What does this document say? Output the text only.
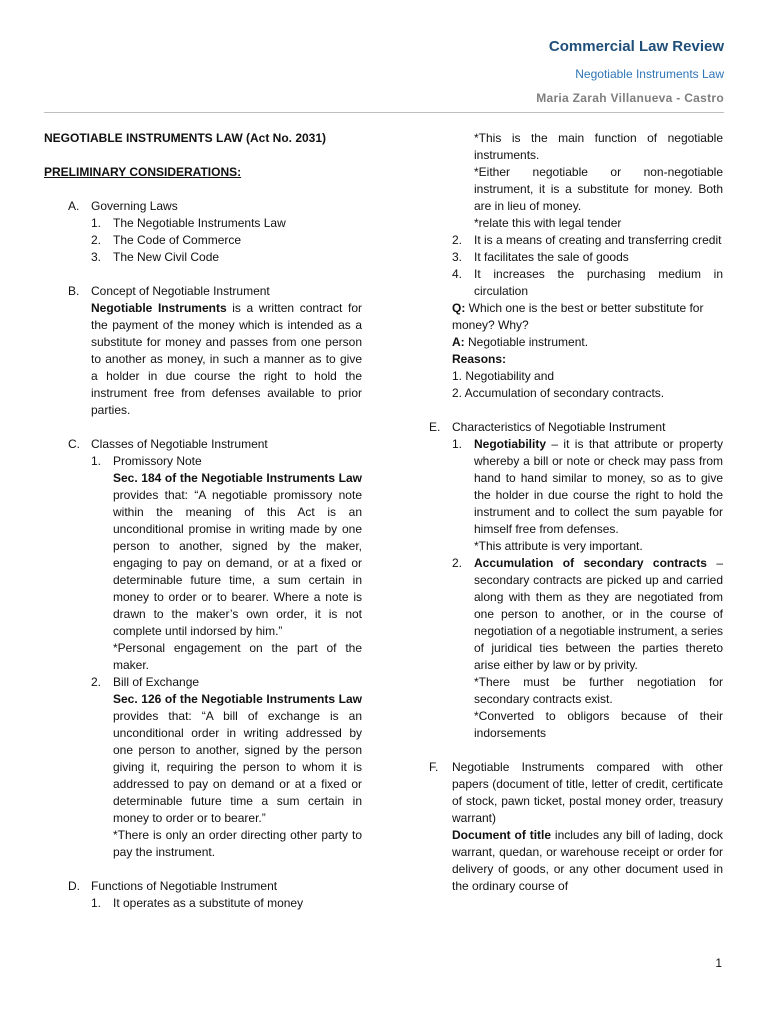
Commercial Law Review
Negotiable Instruments Law
Maria Zarah Villanueva - Castro

NEGOTIABLE INSTRUMENTS LAW (Act No. 2031)

PRELIMINARY CONSIDERATIONS:

A. Governing Laws
1. The Negotiable Instruments Law
2. The Code of Commerce
3. The New Civil Code
B. Concept of Negotiable Instrument

Negotiable Instruments is a written contract for the payment of the money which is intended as a substitute for money and passes from one person to another as money, in such a manner as to give a holder in due course the right to hold the instrument free from defenses available to prior parties.

C. Classes of Negotiable Instrument
1. Promissory Note

Sec. 184 of the Negotiable Instruments Law provides that: “A negotiable promissory note within the meaning of this Act is an unconditional promise in writing made by one person to another, signed by the maker, engaging to pay on demand, or at a fixed or determinable future time, a sum certain in money to order or to bearer. Where a note is drawn to the maker’s own order, it is not complete until indorsed by him.”

*Personal engagement on the part of the maker.

2. Bill of Exchange

Sec. 126 of the Negotiable Instruments Law provides that: “A bill of exchange is an unconditional order in writing addressed by one person to another, signed by the person giving it, requiring the person to whom it is addressed to pay on demand or at a fixed or determinable future time a sum certain in money to order or to bearer.”

*There is only an order directing other party to pay the instrument.

D. Functions of Negotiable Instrument
1. It operates as a substitute of money

*This is the main function of negotiable instruments.

*Either negotiable or non-negotiable instrument, it is a substitute for money. Both are in lieu of money.

*relate this with legal tender

2. It is a means of creating and transferring credit
3. It facilitates the sale of goods
4. It increases the purchasing medium in circulation

Q: Which one is the best or better substitute for money? Why?

A: Negotiable instrument.

Reasons:

1. Negotiability and

2. Accumulation of secondary contracts.

E. Characteristics of Negotiable Instrument
1. Negotiability – it is that attribute or property whereby a bill or note or check may pass from hand to hand similar to money, so as to give the holder in due course the right to hold the instrument and to collect the sum payable for himself free from defenses.

*This attribute is very important.

2. Accumulation of secondary contracts – secondary contracts are picked up and carried along with them as they are negotiated from one person to another, or in the course of negotiation of a negotiable instrument, a series of juridical ties between the parties thereto arise either by law or by privity.

*There must be further negotiation for secondary contracts exist.

*Converted to obligors because of their indorsements

F.	Negotiable Instruments compared with other papers (document of title, letter of credit, certificate of stock, pawn ticket, postal money order, treasury warrant)

Document of title includes any bill of lading, dock warrant, quedan, or warehouse receipt or order for delivery of goods, or any other document used in the ordinary course of

1
